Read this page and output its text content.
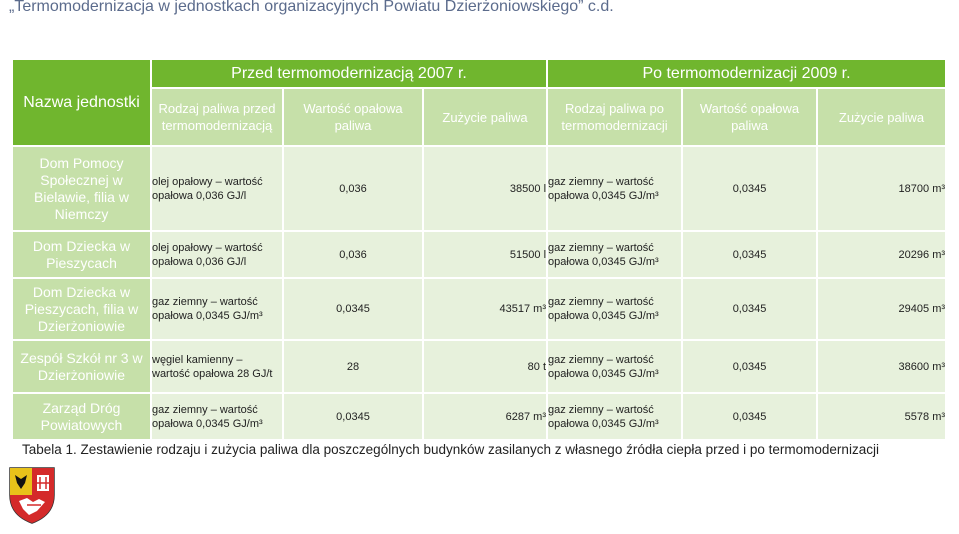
„Termomodernizacja w jednostkach organizacyjnych Powiatu Dzierżoniowskiego” c.d.
Nazwa jednostki	Przed termomodernizacją 2007 r.			Po termomodernizacji 2009 r.		
	Rodzaj paliwa przed termomodernizacją	Wartość opałowa paliwa	Zużycie paliwa	Rodzaj paliwa po termomodernizacji	Wartość opałowa paliwa	Zużycie paliwa
Dom Pomocy Społecznej w Bielawie, filia w Niemczy	olej opałowy – wartość opałowa 0,036 GJ/l	0,036	38500 l	gaz ziemny – wartość opałowa 0,0345 GJ/m³	0,0345	18700 m³
Dom Dziecka w Pieszycach	olej opałowy – wartość opałowa 0,036 GJ/l	0,036	51500 l	gaz ziemny – wartość opałowa 0,0345 GJ/m³	0,0345	20296 m³
Dom Dziecka w Pieszycach, filia w Dzierżoniowie	gaz ziemny – wartość opałowa 0,0345 GJ/m³	0,0345	43517 m³	gaz ziemny – wartość opałowa 0,0345 GJ/m³	0,0345	29405 m³
Zespół Szkół nr 3 w Dzierżoniowie	węgiel kamienny – wartość opałowa 28 GJ/t	28	80 t	gaz ziemny – wartość opałowa 0,0345 GJ/m³	0,0345	38600 m³
Zarząd Dróg Powiatowych	gaz ziemny – wartość opałowa 0,0345 GJ/m³	0,0345	6287 m³	gaz ziemny – wartość opałowa 0,0345 GJ/m³	0,0345	5578 m³
Tabela 1. Zestawienie rodzaju i zużycia paliwa dla poszczególnych budynków zasilanych z własnego źródła ciepła przed i po termomodernizacji
